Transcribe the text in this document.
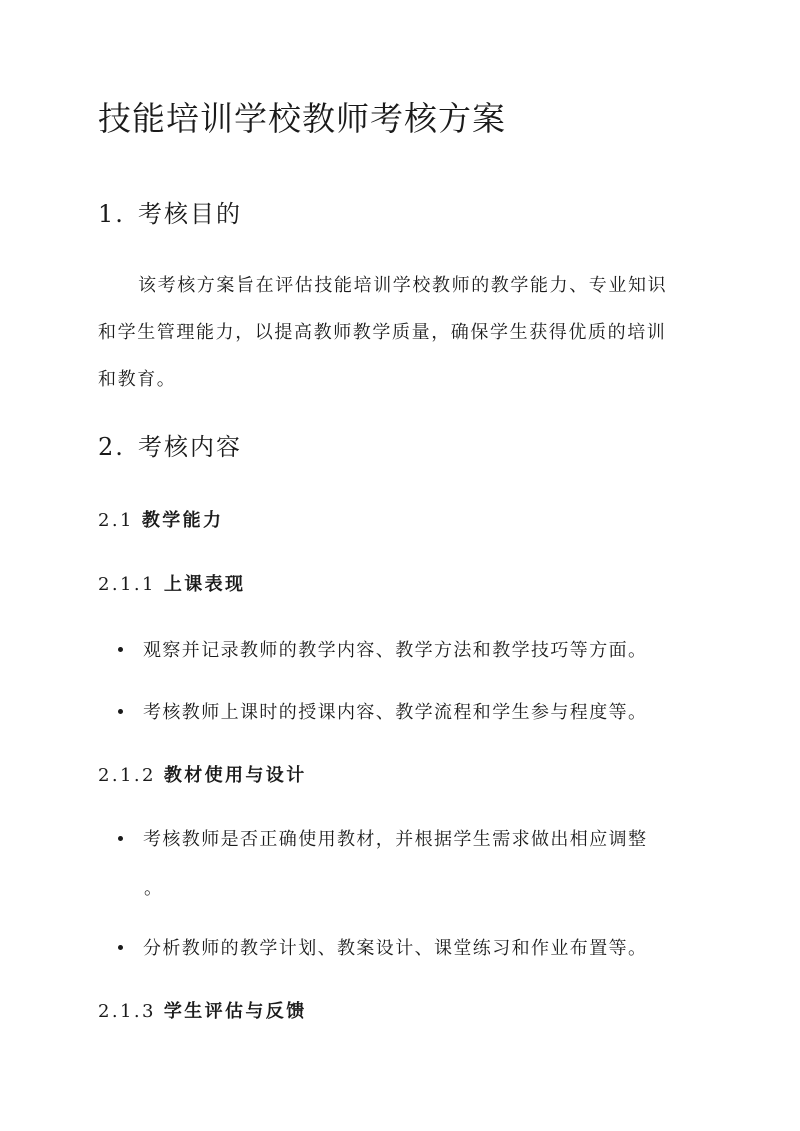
技能培训学校教师考核方案
1. 考核目的
该考核方案旨在评估技能培训学校教师的教学能力、专业知识
和学生管理能力，以提高教师教学质量，确保学生获得优质的培训
和教育。
2. 考核内容
2.1 教学能力
2.1.1 上课表现
观察并记录教师的教学内容、教学方法和教学技巧等方面。
考核教师上课时的授课内容、教学流程和学生参与程度等。
2.1.2 教材使用与设计
考核教师是否正确使用教材，并根据学生需求做出相应调整
。
分析教师的教学计划、教案设计、课堂练习和作业布置等。
2.1.3 学生评估与反馈
